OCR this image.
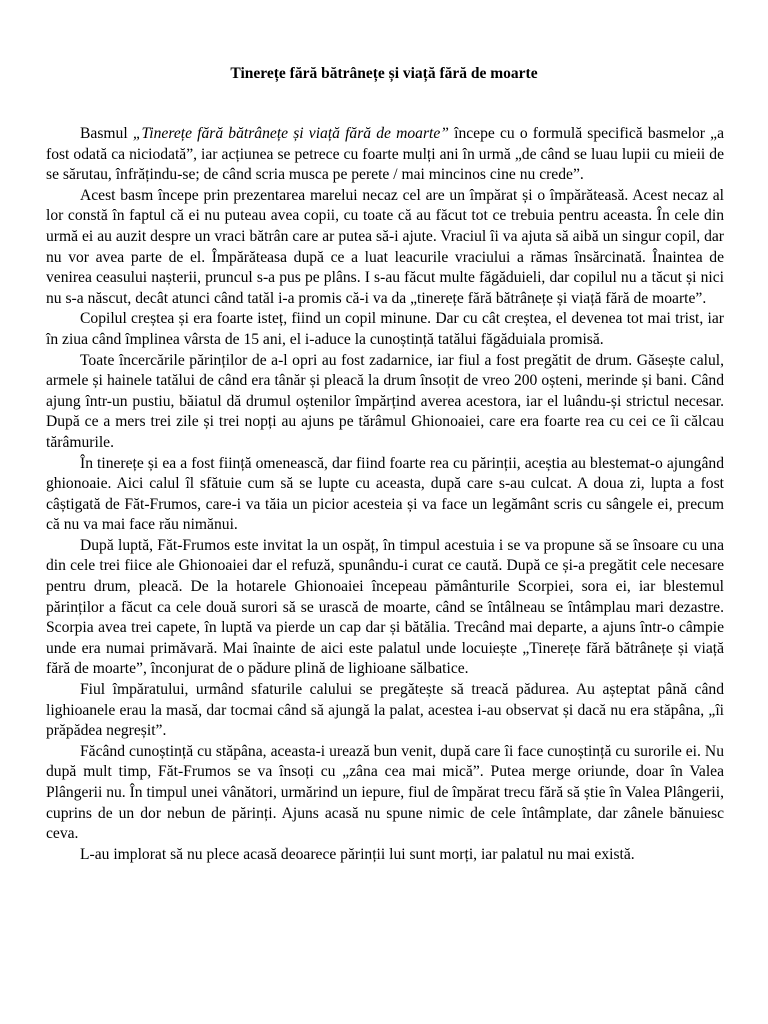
Tinerețe fără bătrânețe și viață fără de moarte

Basmul „Tinerețe fără bătrânețe și viață fără de moarte” începe cu o formulă specifică basmelor „a fost odată ca niciodată”, iar acțiunea se petrece cu foarte mulți ani în urmă „de când se luau lupii cu mieii de se sărutau, înfrățindu-se; de când scria musca pe perete / mai mincinos cine nu crede”.

Acest basm începe prin prezentarea marelui necaz cel are un împărat și o împărăteasă. Acest necaz al lor constă în faptul că ei nu puteau avea copii, cu toate că au făcut tot ce trebuia pentru aceasta. În cele din urmă ei au auzit despre un vraci bătrân care ar putea să-i ajute. Vraciul îi va ajuta să aibă un singur copil, dar nu vor avea parte de el. Împărăteasa după ce a luat leacurile vraciului a rămas însărcinată. Înaintea de venirea ceasului nașterii, pruncul s-a pus pe plâns. I s-au făcut multe făgăduieli, dar copilul nu a tăcut și nici nu s-a născut, decât atunci când tatăl i-a promis că-i va da „tinerețe fără bătrânețe și viață fără de moarte”.

Copilul creștea și era foarte isteț, fiind un copil minune. Dar cu cât creștea, el devenea tot mai trist, iar în ziua când împlinea vârsta de 15 ani, el i-aduce la cunoștință tatălui făgăduiala promisă.

Toate încercările părinților de a-l opri au fost zadarnice, iar fiul a fost pregătit de drum. Găsește calul, armele și hainele tatălui de când era tânăr și pleacă la drum însoțit de vreo 200 oșteni, merinde și bani. Când ajung într-un pustiu, băiatul dă drumul oștenilor împărțind averea acestora, iar el luându-și strictul necesar. După ce a mers trei zile și trei nopți au ajuns pe tărâmul Ghionoaiei, care era foarte rea cu cei ce îi călcau tărâmurile.

În tinerețe și ea a fost ființă omenească, dar fiind foarte rea cu părinții, aceștia au blestemat-o ajungând ghionoaie. Aici calul îl sfătuie cum să se lupte cu aceasta, după care s-au culcat. A doua zi, lupta a fost câștigată de Făt-Frumos, care-i va tăia un picior acesteia și va face un legământ scris cu sângele ei, precum că nu va mai face rău nimănui.

După luptă, Făt-Frumos este invitat la un ospăț, în timpul acestuia i se va propune să se însoare cu una din cele trei fiice ale Ghionoaiei dar el refuză, spunându-i curat ce caută. După ce și-a pregătit cele necesare pentru drum, pleacă. De la hotarele Ghionoaiei începeau pământurile Scorpiei, sora ei, iar blestemul părinților a făcut ca cele două surori să se urască de moarte, când se întâlneau se întâmplau mari dezastre. Scorpia avea trei capete, în luptă va pierde un cap dar și bătălia. Trecând mai departe, a ajuns într-o câmpie unde era numai primăvară. Mai înainte de aici este palatul unde locuiește „Tinerețe fără bătrânețe și viață fără de moarte”, înconjurat de o pădure plină de lighioane sălbatice.

Fiul împăratului, urmând sfaturile calului se pregătește să treacă pădurea. Au așteptat până când lighioanele erau la masă, dar tocmai când să ajungă la palat, acestea i-au observat și dacă nu era stăpâna, „îi prăpădea negreșit”.

Făcând cunoștință cu stăpâna, aceasta-i urează bun venit, după care îi face cunoștință cu surorile ei. Nu după mult timp, Făt-Frumos se va însoți cu „zâna cea mai mică”. Putea merge oriunde, doar în Valea Plângerii nu. În timpul unei vânători, urmărind un iepure, fiul de împărat trecu fără să știe în Valea Plângerii, cuprins de un dor nebun de părinți. Ajuns acasă nu spune nimic de cele întâmplate, dar zânele bănuiesc ceva.

L-au implorat să nu plece acasă deoarece părinții lui sunt morți, iar palatul nu mai există.
